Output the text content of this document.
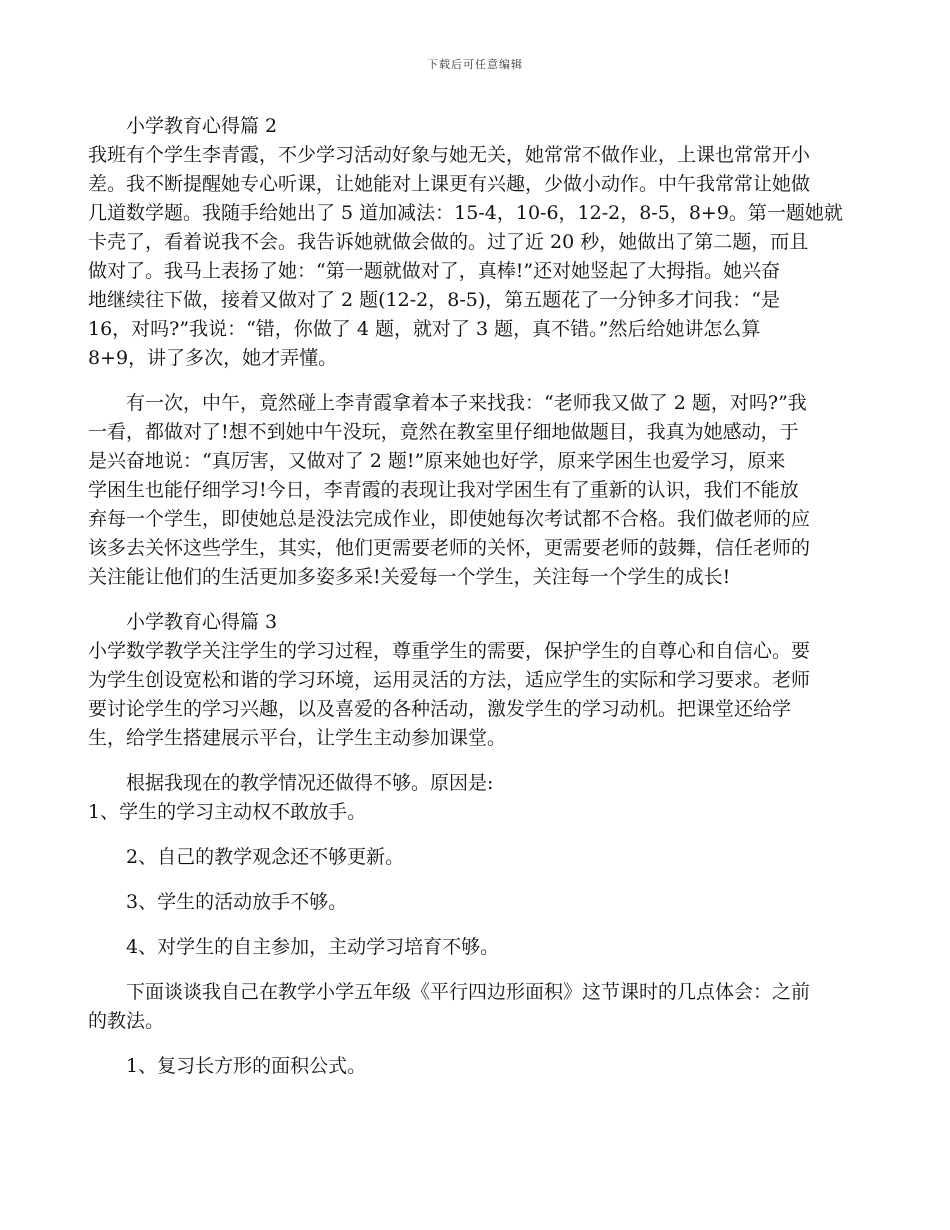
下载后可任意编辑
小学教育心得篇 2
我班有个学生李青霞，不少学习活动好象与她无关，她常常不做作业，上课也常常开小
差。我不断提醒她专心听课，让她能对上课更有兴趣，少做小动作。中午我常常让她做
几道数学题。我随手给她出了 5 道加减法：15-4，10-6，12-2，8-5，8+9。第一题她就
卡壳了，看着说我不会。我告诉她就做会做的。过了近 20 秒，她做出了第二题，而且
做对了。我马上表扬了她：“第一题就做对了，真棒!”还对她竖起了大拇指。她兴奋
地继续往下做，接着又做对了 2 题(12-2，8-5)，第五题花了一分钟多才问我：“是
16，对吗?”我说：“错，你做了 4 题，就对了 3 题，真不错。”然后给她讲怎么算
8+9，讲了多次，她才弄懂。
有一次，中午，竟然碰上李青霞拿着本子来找我：“老师我又做了 2 题，对吗?”我
一看，都做对了!想不到她中午没玩，竟然在教室里仔细地做题目，我真为她感动，于
是兴奋地说：“真厉害，又做对了 2 题!”原来她也好学，原来学困生也爱学习，原来
学困生也能仔细学习!今日，李青霞的表现让我对学困生有了重新的认识，我们不能放
弃每一个学生，即使她总是没法完成作业，即使她每次考试都不合格。我们做老师的应
该多去关怀这些学生，其实，他们更需要老师的关怀，更需要老师的鼓舞，信任老师的
关注能让他们的生活更加多姿多采!关爱每一个学生，关注每一个学生的成长!
小学教育心得篇 3
小学数学教学关注学生的学习过程，尊重学生的需要，保护学生的自尊心和自信心。要
为学生创设宽松和谐的学习环境，运用灵活的方法，适应学生的实际和学习要求。老师
要讨论学生的学习兴趣，以及喜爱的各种活动，激发学生的学习动机。把课堂还给学
生，给学生搭建展示平台，让学生主动参加课堂。
根据我现在的教学情况还做得不够。原因是:
1、学生的学习主动权不敢放手。
2、自己的教学观念还不够更新。
3、学生的活动放手不够。
4、对学生的自主参加，主动学习培育不够。
下面谈谈我自己在教学小学五年级《平行四边形面积》这节课时的几点体会：之前
的教法。
1、复习长方形的面积公式。
